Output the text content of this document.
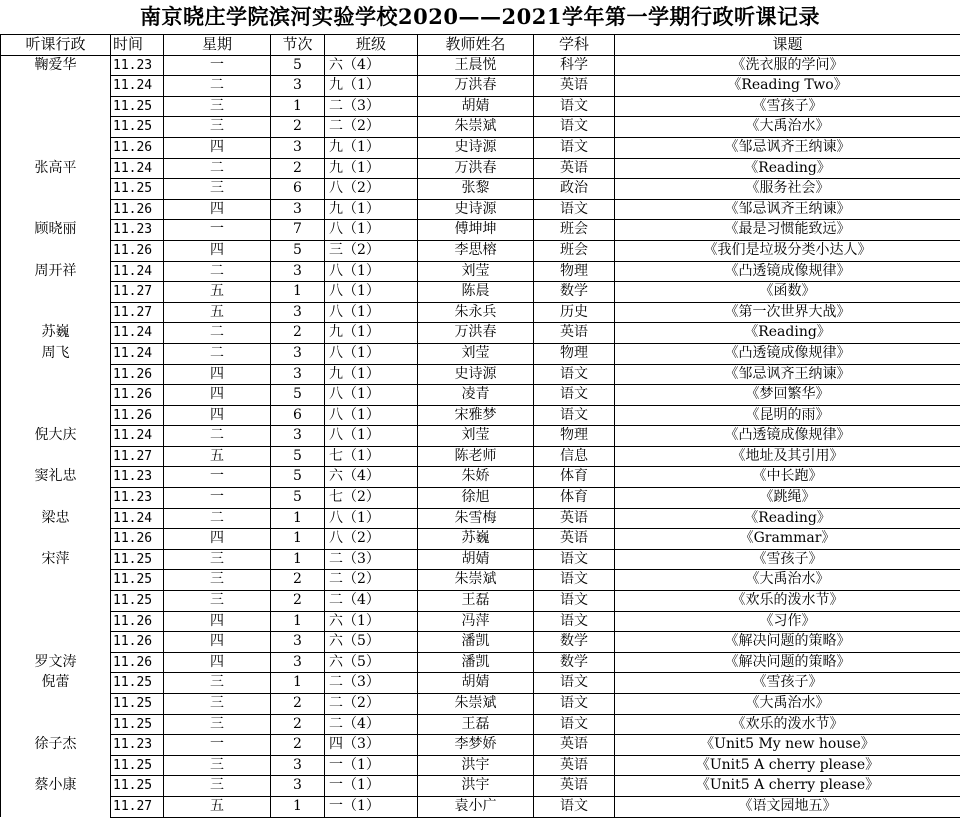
南京晓庄学院滨河实验学校2020——2021学年第一学期行政听课记录
听课行政	时间	星期	节次	班级	教师姓名	学科	课题
鞠爱华	11.23	一	5	六（4）	王晨悦	科学	《洗衣服的学问》
	11.24	二	3	九（1）	万洪春	英语	《Reading Two》
	11.25	三	1	二（3）	胡婧	语文	《雪孩子》
	11.25	三	2	二（2）	朱崇斌	语文	《大禹治水》
	11.26	四	3	九（1）	史诗源	语文	《邹忌讽齐王纳谏》
张高平	11.24	二	2	九（1）	万洪春	英语	《Reading》
	11.25	三	6	八（2）	张黎	政治	《服务社会》
	11.26	四	3	九（1）	史诗源	语文	《邹忌讽齐王纳谏》
顾晓丽	11.23	一	7	八（1）	傅坤坤	班会	《最是习惯能致远》
	11.26	四	5	三（2）	李思榕	班会	《我们是垃圾分类小达人》
周开祥	11.24	二	3	八（1）	刘莹	物理	《凸透镜成像规律》
	11.27	五	1	八（1）	陈晨	数学	《函数》
	11.27	五	3	八（1）	朱永兵	历史	《第一次世界大战》
苏巍	11.24	二	2	九（1）	万洪春	英语	《Reading》
周飞	11.24	二	3	八（1）	刘莹	物理	《凸透镜成像规律》
	11.26	四	3	九（1）	史诗源	语文	《邹忌讽齐王纳谏》
	11.26	四	5	八（1）	凌青	语文	《梦回繁华》
	11.26	四	6	八（1）	宋雅梦	语文	《昆明的雨》
倪大庆	11.24	二	3	八（1）	刘莹	物理	《凸透镜成像规律》
	11.27	五	5	七（1）	陈老师	信息	《地址及其引用》
窦礼忠	11.23	一	5	六（4）	朱娇	体育	《中长跑》
	11.23	一	5	七（2）	徐旭	体育	《跳绳》
梁忠	11.24	二	1	八（1）	朱雪梅	英语	《Reading》
	11.26	四	1	八（2）	苏巍	英语	《Grammar》
宋萍	11.25	三	1	二（3）	胡婧	语文	《雪孩子》
	11.25	三	2	二（2）	朱崇斌	语文	《大禹治水》
	11.25	三	2	二（4）	王磊	语文	《欢乐的泼水节》
	11.26	四	1	六（1）	冯萍	语文	《习作》
	11.26	四	3	六（5）	潘凯	数学	《解决问题的策略》
罗文涛	11.26	四	3	六（5）	潘凯	数学	《解决问题的策略》
倪蕾	11.25	三	1	二（3）	胡婧	语文	《雪孩子》
	11.25	三	2	二（2）	朱崇斌	语文	《大禹治水》
	11.25	三	2	二（4）	王磊	语文	《欢乐的泼水节》
徐子杰	11.23	一	2	四（3）	李梦娇	英语	《Unit5 My new house》
	11.25	三	3	一（1）	洪宇	英语	《Unit5 A cherry please》
蔡小康	11.25	三	3	一（1）	洪宇	英语	《Unit5 A cherry please》
	11.27	五	1	一（1）	袁小广	语文	《语文园地五》
